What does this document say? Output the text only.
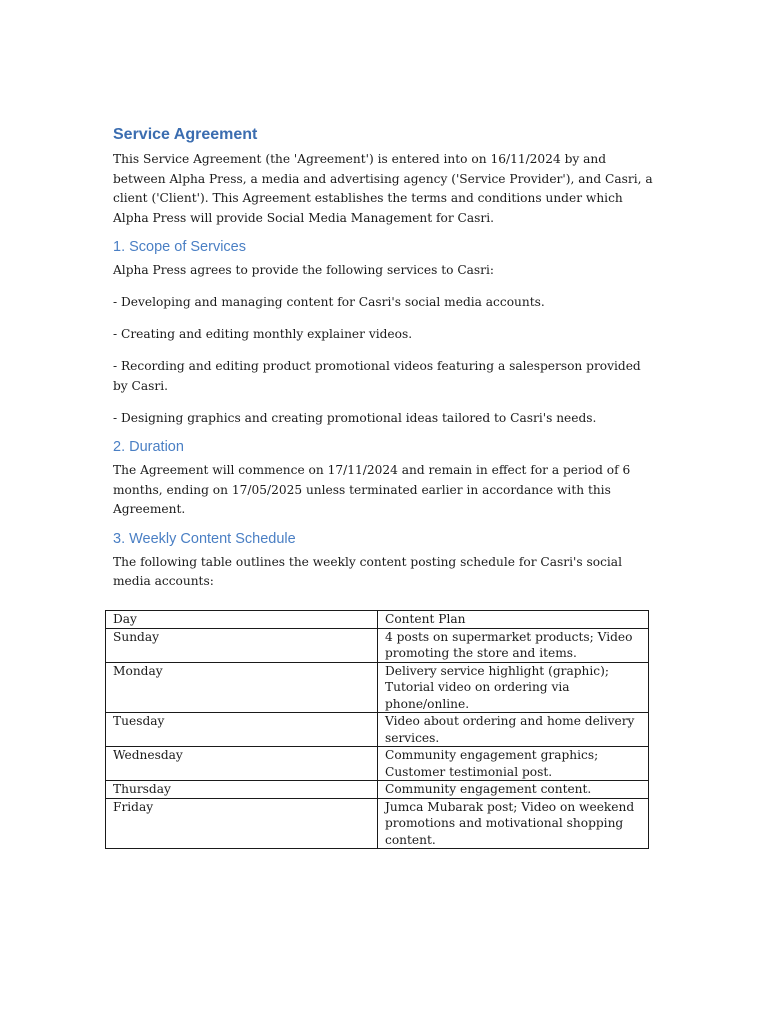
Service Agreement

This Service Agreement (the 'Agreement') is entered into on 16/11/2024 by and between Alpha Press, a media and advertising agency ('Service Provider'), and Casri, a client ('Client'). This Agreement establishes the terms and conditions under which Alpha Press will provide Social Media Management for Casri.

1. Scope of Services

Alpha Press agrees to provide the following services to Casri:

- Developing and managing content for Casri's social media accounts.

- Creating and editing monthly explainer videos.

- Recording and editing product promotional videos featuring a salesperson provided by Casri.

- Designing graphics and creating promotional ideas tailored to Casri's needs.

2. Duration

The Agreement will commence on 17/11/2024 and remain in effect for a period of 6 months, ending on 17/05/2025 unless terminated earlier in accordance with this Agreement.

3. Weekly Content Schedule

The following table outlines the weekly content posting schedule for Casri's social media accounts:

Day	Content Plan
Sunday	4 posts on supermarket products; Video promoting the store and items.
Monday	Delivery service highlight (graphic); Tutorial video on ordering via phone/online.
Tuesday	Video about ordering and home delivery services.
Wednesday	Community engagement graphics; Customer testimonial post.
Thursday	Community engagement content.
Friday	Jumca Mubarak post; Video on weekend promotions and motivational shopping content.
